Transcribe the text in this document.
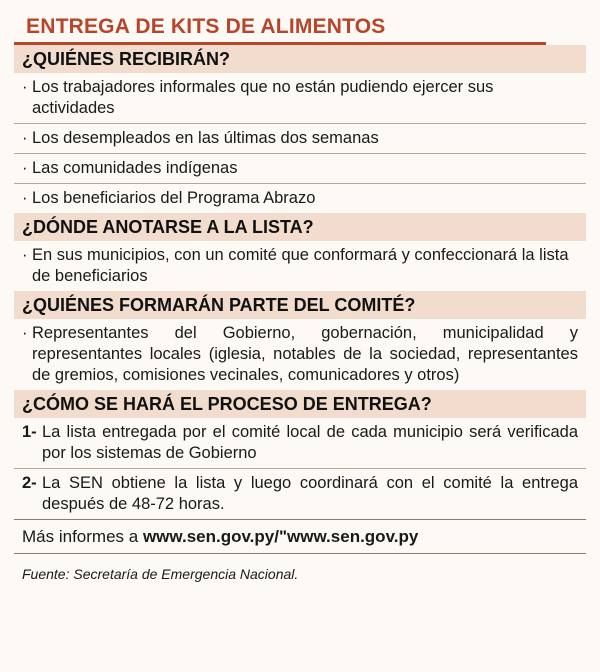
ENTREGA DE KITS DE ALIMENTOS
¿QUIÉNES RECIBIRÁN?
· Los trabajadores informales que no están pudiendo ejercer sus actividades
· Los desempleados en las últimas dos semanas
· Las comunidades indígenas
· Los beneficiarios del Programa Abrazo
¿DÓNDE ANOTARSE A LA LISTA?
· En sus municipios, con un comité que conformará y confeccionará la lista de beneficiarios
¿QUIÉNES FORMARÁN PARTE DEL COMITÉ?
· Representantes del Gobierno, gobernación, municipalidad y representantes locales (iglesia, notables de la sociedad, representantes de gremios, comisiones vecinales, comunicadores y otros)
¿CÓMO SE HARÁ EL PROCESO DE ENTREGA?
1- La lista entregada por el comité local de cada municipio será verificada por los sistemas de Gobierno
2- La SEN obtiene la lista y luego coordinará con el comité la entrega después de 48-72 horas.
Más informes a www.sen.gov.py/"www.sen.gov.py
Fuente: Secretaría de Emergencia Nacional.
